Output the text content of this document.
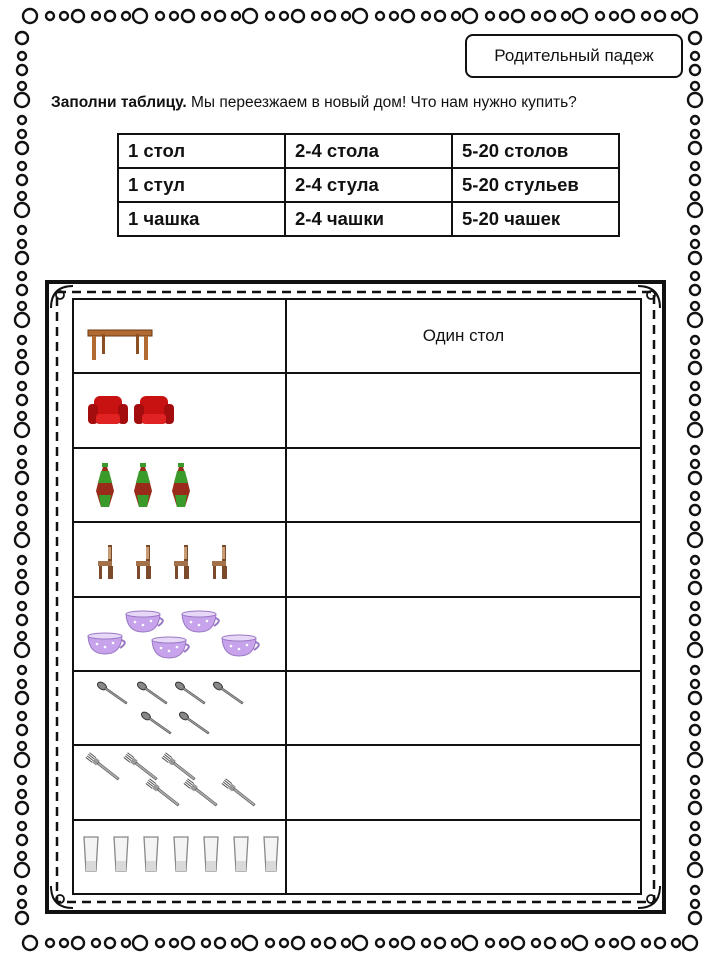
Родительный падеж
Заполни таблицу. Мы переезжаем в новый дом! Что нам нужно купить?
1 стол	2-4 стола	5-20 столов
1 стул	2-4 стула	5-20 стульев
1 чашка	2-4 чашки	5-20 чашек
	Один стол
